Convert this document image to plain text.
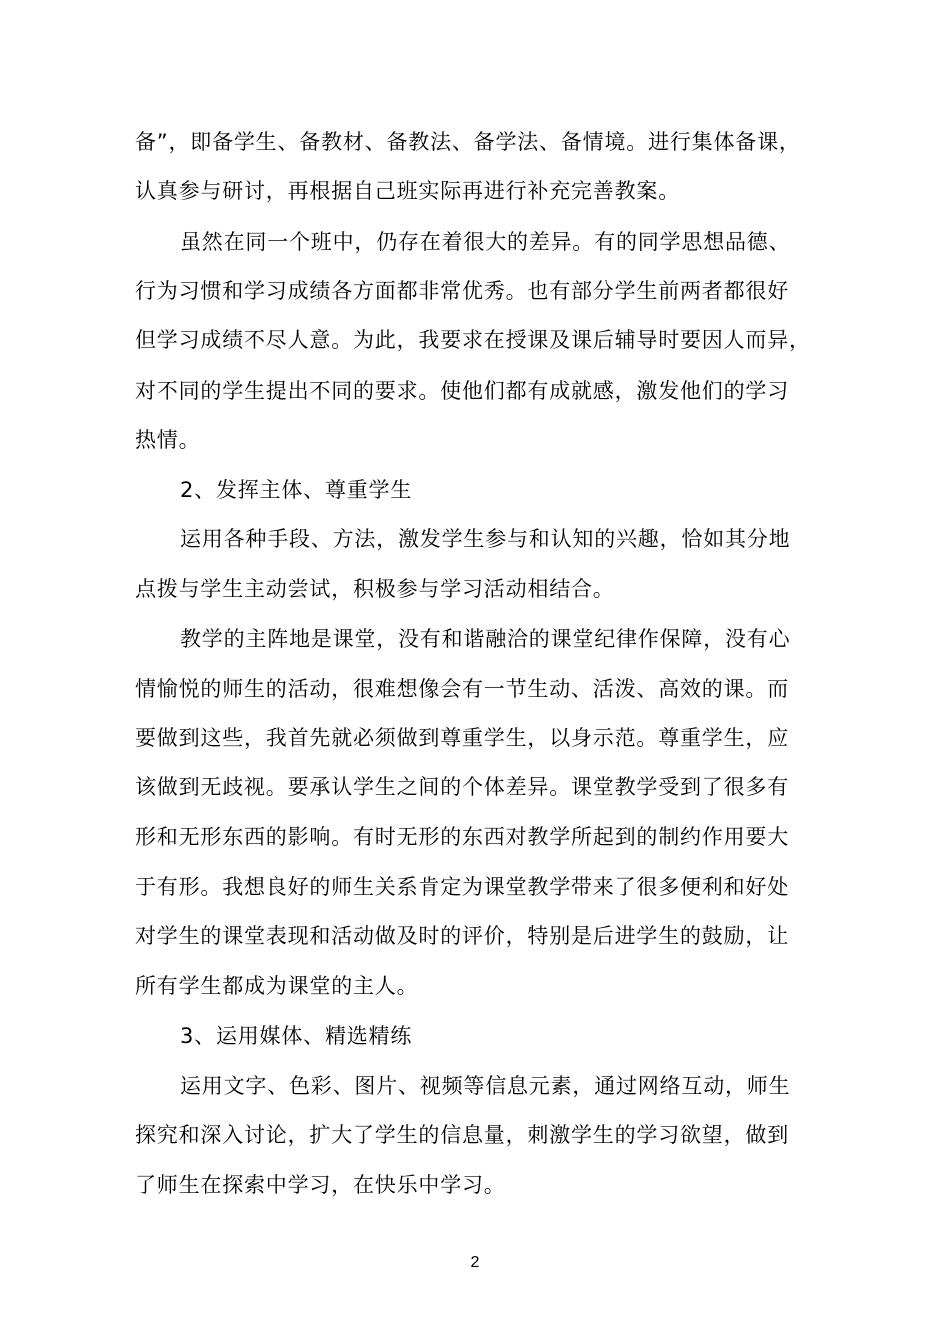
备”，即备学生、备教材、备教法、备学法、备情境。进行集体备课，
认真参与研讨，再根据自己班实际再进行补充完善教案。
虽然在同一个班中，仍存在着很大的差异。有的同学思想品德、
行为习惯和学习成绩各方面都非常优秀。也有部分学生前两者都很好
但学习成绩不尽人意。为此，我要求在授课及课后辅导时要因人而异，
对不同的学生提出不同的要求。使他们都有成就感，激发他们的学习
热情。
2、发挥主体、尊重学生
运用各种手段、方法，激发学生参与和认知的兴趣，恰如其分地
点拨与学生主动尝试，积极参与学习活动相结合。
教学的主阵地是课堂，没有和谐融洽的课堂纪律作保障，没有心
情愉悦的师生的活动，很难想像会有一节生动、活泼、高效的课。而
要做到这些，我首先就必须做到尊重学生，以身示范。尊重学生，应
该做到无歧视。要承认学生之间的个体差异。课堂教学受到了很多有
形和无形东西的影响。有时无形的东西对教学所起到的制约作用要大
于有形。我想良好的师生关系肯定为课堂教学带来了很多便利和好处
对学生的课堂表现和活动做及时的评价，特别是后进学生的鼓励，让
所有学生都成为课堂的主人。
3、运用媒体、精选精练
运用文字、色彩、图片、视频等信息元素，通过网络互动，师生
探究和深入讨论，扩大了学生的信息量，刺激学生的学习欲望，做到
了师生在探索中学习，在快乐中学习。
2
